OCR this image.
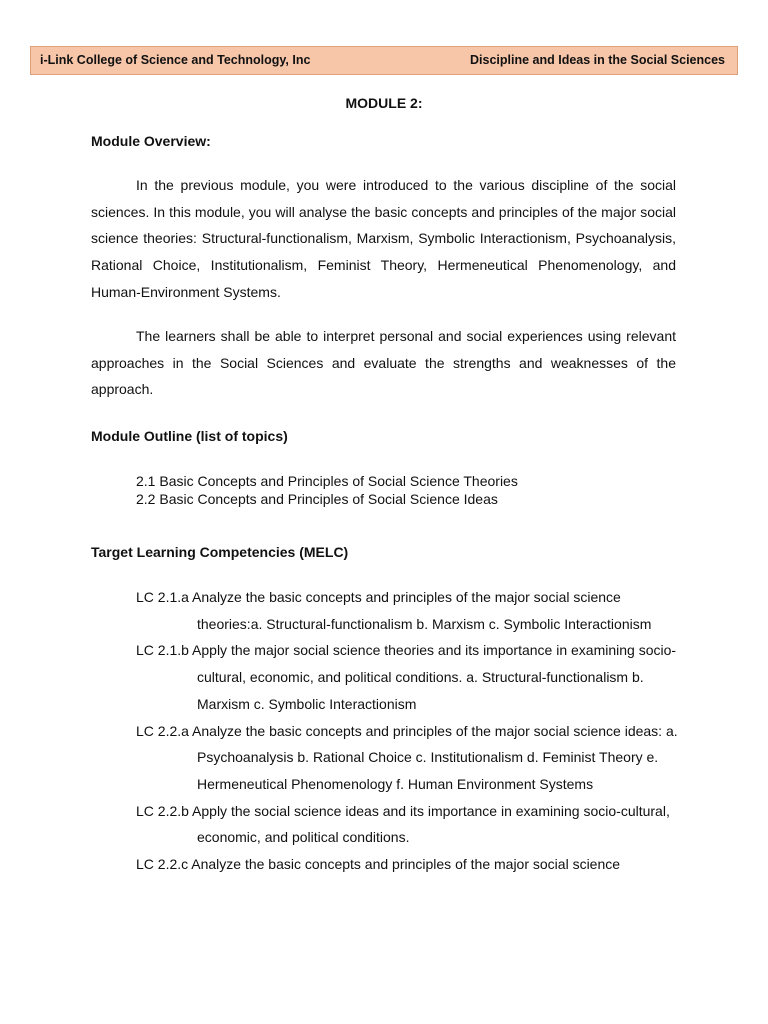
i-Link College of Science and Technology, Inc	Discipline and Ideas in the Social Sciences
MODULE 2:
Module Overview:
In the previous module, you were introduced to the various discipline of the social sciences. In this module, you will analyse the basic concepts and principles of the major social science theories: Structural-functionalism, Marxism, Symbolic Interactionism, Psychoanalysis, Rational Choice, Institutionalism, Feminist Theory, Hermeneutical Phenomenology, and Human-Environment Systems.
The learners shall be able to interpret personal and social experiences using relevant approaches in the Social Sciences and evaluate the strengths and weaknesses of the approach.
Module Outline (list of topics)
2.1 Basic Concepts and Principles of Social Science Theories
2.2 Basic Concepts and Principles of Social Science Ideas
Target Learning Competencies (MELC)
LC 2.1.a Analyze the basic concepts and principles of the major social science theories:a. Structural-functionalism b. Marxism c. Symbolic Interactionism
LC 2.1.b Apply the major social science theories and its importance in examining socio-cultural, economic, and political conditions. a. Structural-functionalism b. Marxism c. Symbolic Interactionism
LC 2.2.a Analyze the basic concepts and principles of the major social science ideas: a. Psychoanalysis b. Rational Choice c. Institutionalism d. Feminist Theory e. Hermeneutical Phenomenology f. Human Environment Systems
LC 2.2.b Apply the social science ideas and its importance in examining socio-cultural, economic, and political conditions.
LC 2.2.c Analyze the basic concepts and principles of the major social science
